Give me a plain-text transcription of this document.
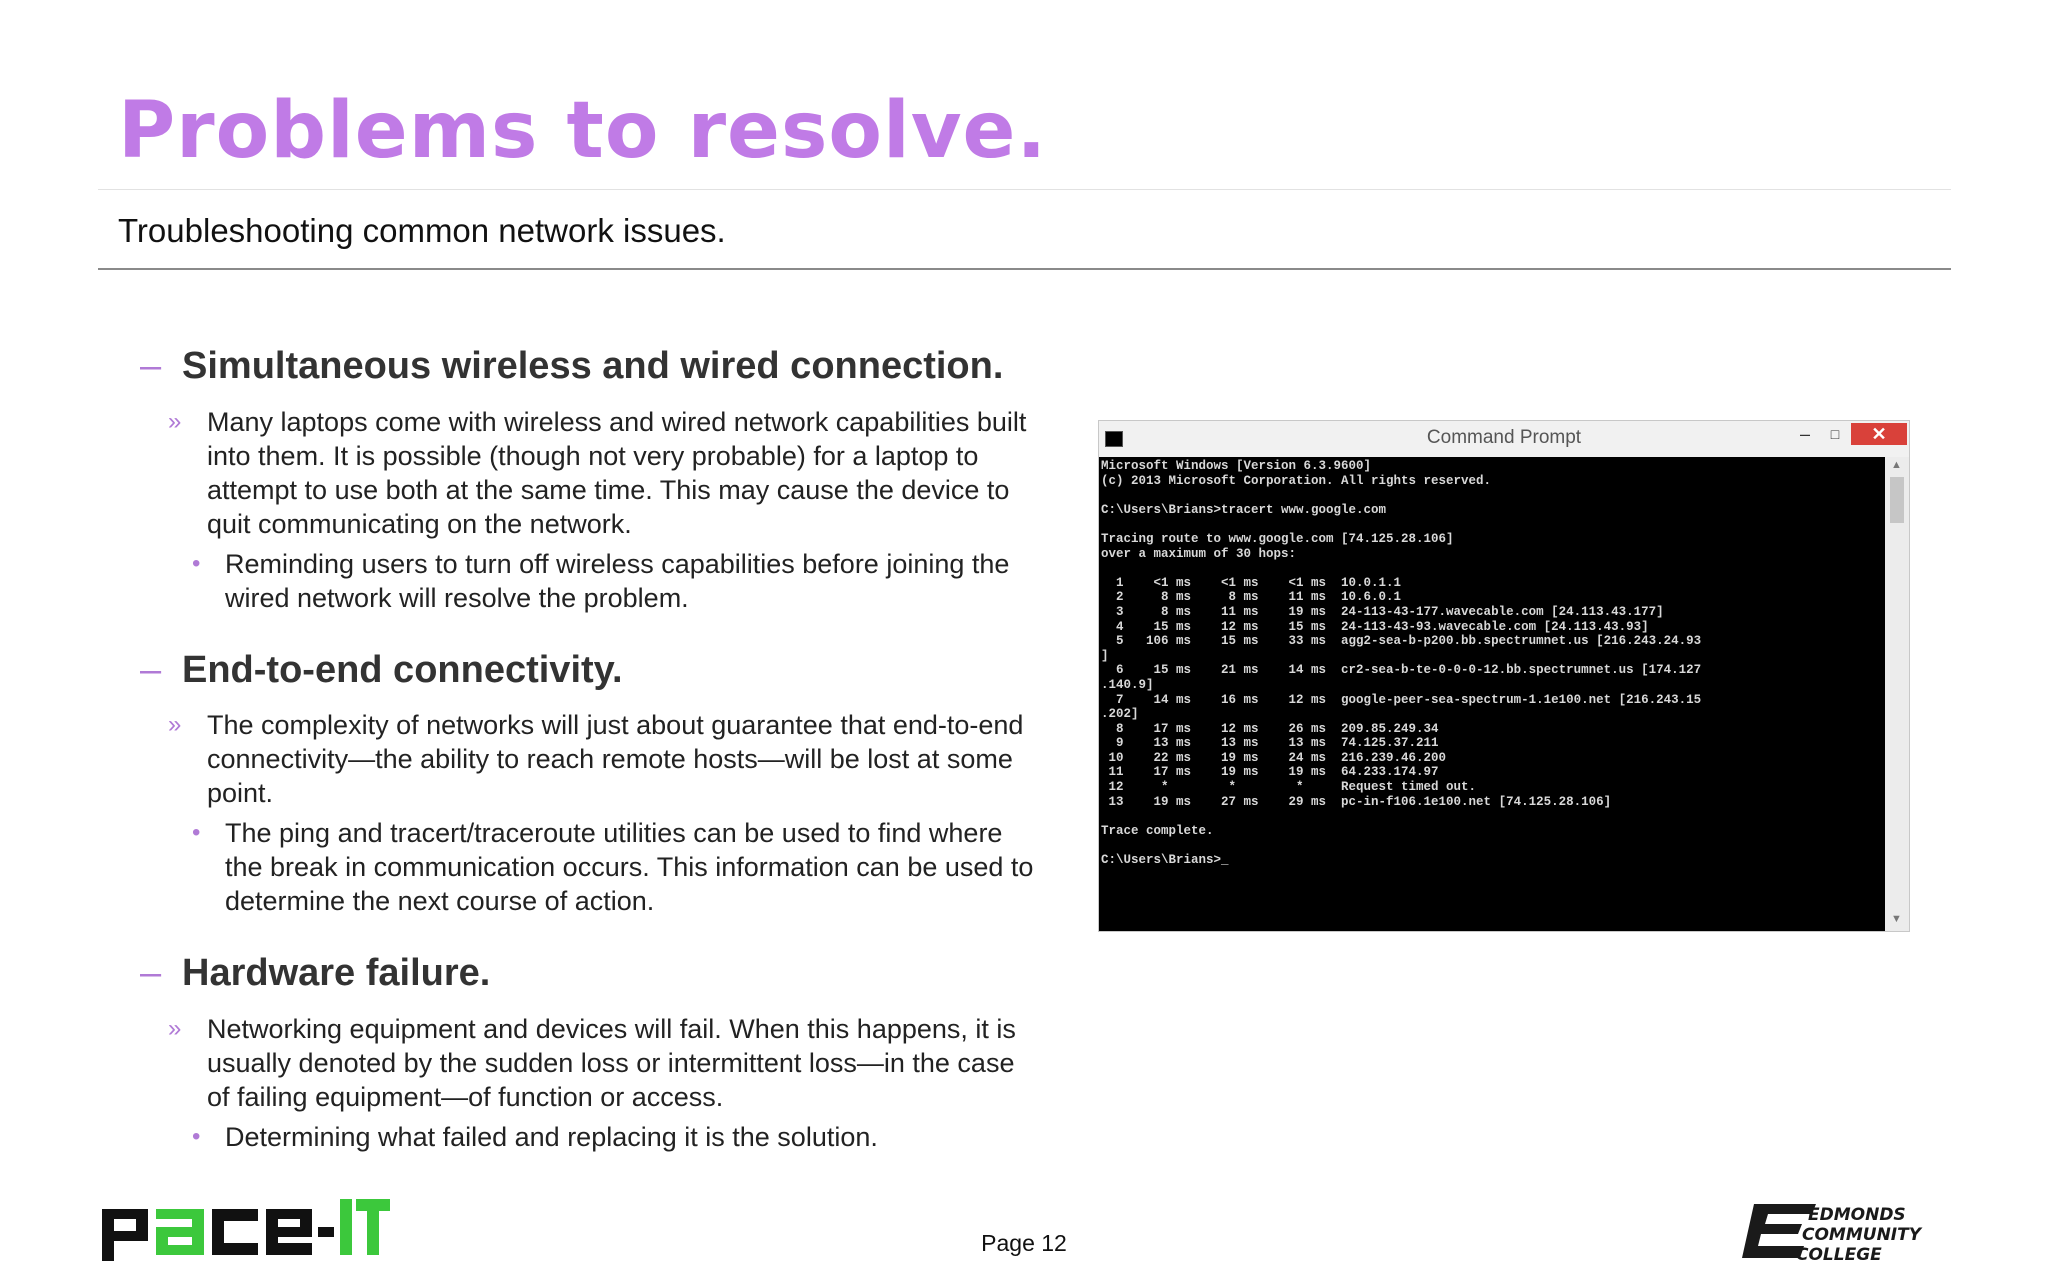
Problems to resolve.
Troubleshooting common network issues.
– Simultaneous wireless and wired connection.
» Many laptops come with wireless and wired network capabilities built into them. It is possible (though not very probable) for a laptop to attempt to use both at the same time. This may cause the device to quit communicating on the network.
• Reminding users to turn off wireless capabilities before joining the wired network will resolve the problem.
– End-to-end connectivity.
» The complexity of networks will just about guarantee that end-to-end connectivity—the ability to reach remote hosts—will be lost at some point.
• The ping and tracert/traceroute utilities can be used to find where the break in communication occurs. This information can be used to determine the next course of action.
– Hardware failure.
» Networking equipment and devices will fail. When this happens, it is usually denoted by the sudden loss or intermittent loss—in the case of failing equipment—of function or access.
• Determining what failed and replacing it is the solution.
Command Prompt	–	□	✕
Microsoft Windows [Version 6.3.9600]
(c) 2013 Microsoft Corporation. All rights reserved.

C:\Users\Brians>tracert www.google.com

Tracing route to www.google.com [74.125.28.106]
over a maximum of 30 hops:

1    <1 ms    <1 ms    <1 ms  10.0.1.1
2     8 ms     8 ms    11 ms  10.6.0.1
3     8 ms    11 ms    19 ms  24-113-43-177.wavecable.com [24.113.43.177]
4    15 ms    12 ms    15 ms  24-113-43-93.wavecable.com [24.113.43.93]
5   106 ms    15 ms    33 ms  agg2-sea-b-p200.bb.spectrumnet.us [216.243.24.93
]
6    15 ms    21 ms    14 ms  cr2-sea-b-te-0-0-0-12.bb.spectrumnet.us [174.127
.140.9]
7    14 ms    16 ms    12 ms  google-peer-sea-spectrum-1.1e100.net [216.243.15
.202]
8    17 ms    12 ms    26 ms  209.85.249.34
9    13 ms    13 ms    13 ms  74.125.37.211
10    22 ms    19 ms    24 ms  216.239.46.200
11    17 ms    19 ms    19 ms  64.233.174.97
12     *        *        *     Request timed out.
13    19 ms    27 ms    29 ms  pc-in-f106.1e100.net [74.125.28.106]

Trace complete.

C:\Users\Brians>_
▲
▼
Page 12
EDMONDS
COMMUNITY
COLLEGE
